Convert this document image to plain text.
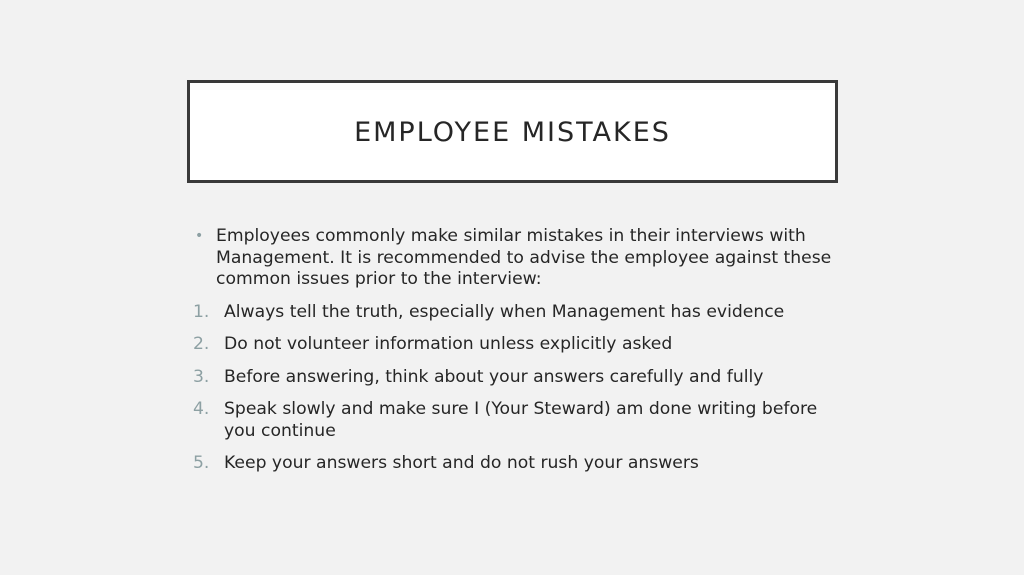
EMPLOYEE MISTAKES
• Employees commonly make similar mistakes in their interviews with Management. It is recommended to advise the employee against these common issues prior to the interview:
1. Always tell the truth, especially when Management has evidence
2. Do not volunteer information unless explicitly asked
3. Before answering, think about your answers carefully and fully
4. Speak slowly and make sure I (Your Steward) am done writing before you continue
5. Keep your answers short and do not rush your answers
